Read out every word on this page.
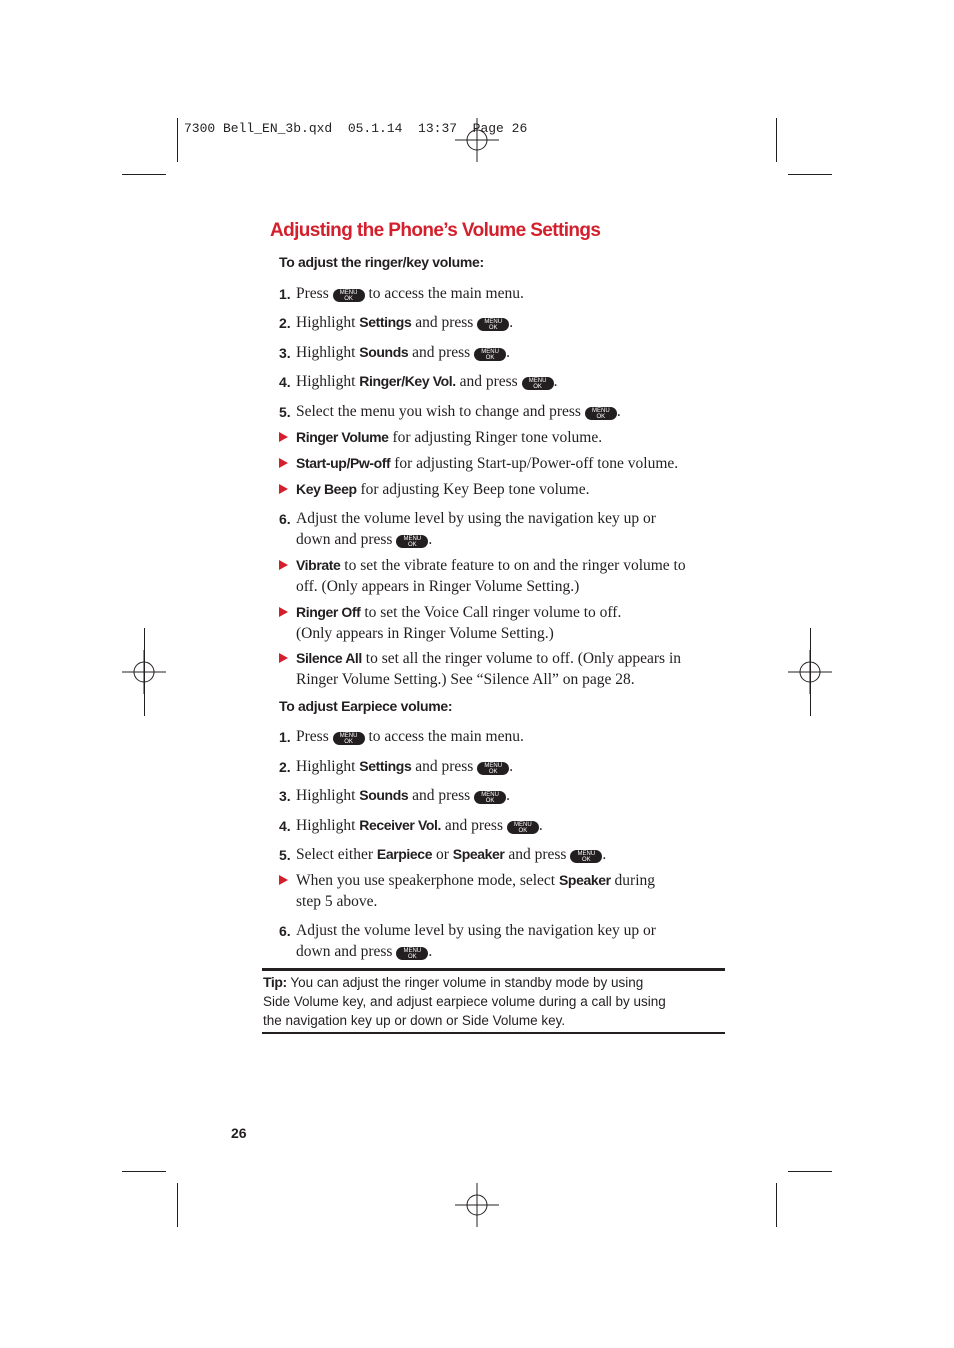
7300 Bell_EN_3b.qxd  05.1.14  13:37  Page 26
Adjusting the Phone’s Volume Settings
To adjust the ringer/key volume:
1. Press	MENU
OK to access the main menu.
2. Highlight Settings and press	MENU
OK .
3. Highlight Sounds and press	MENU
OK .
4. Highlight Ringer/Key Vol. and press	MENU
OK .
5. Select the menu you wish to change and press	MENU
OK .
Ringer Volume for adjusting Ringer tone volume.
Start-up/Pw-off for adjusting Start-up/Power-off tone volume.
Key Beep for adjusting Key Beep tone volume.
6. Adjust the volume level by using the navigation key up or
down and press	MENU
OK .
Vibrate to set the vibrate feature to on and the ringer volume to
off. (Only appears in Ringer Volume Setting.)
Ringer Off to set the Voice Call ringer volume to off.
(Only appears in Ringer Volume Setting.)
Silence All to set all the ringer volume to off. (Only appears in
Ringer Volume Setting.) See “Silence All” on page 28.
To adjust Earpiece volume:
1. Press	MENU
OK to access the main menu.
2. Highlight Settings and press	MENU
OK .
3. Highlight Sounds and press	MENU
OK .
4. Highlight Receiver Vol. and press	MENU
OK .
5. Select either Earpiece or Speaker and press	MENU
OK .
When you use speakerphone mode, select Speaker during
step 5 above.
6. Adjust the volume level by using the navigation key up or
down and press	MENU
OK .
Tip: You can adjust the ringer volume in standby mode by using
Side Volume key, and adjust earpiece volume during a call by using
the navigation key up or down or Side Volume key.
26
